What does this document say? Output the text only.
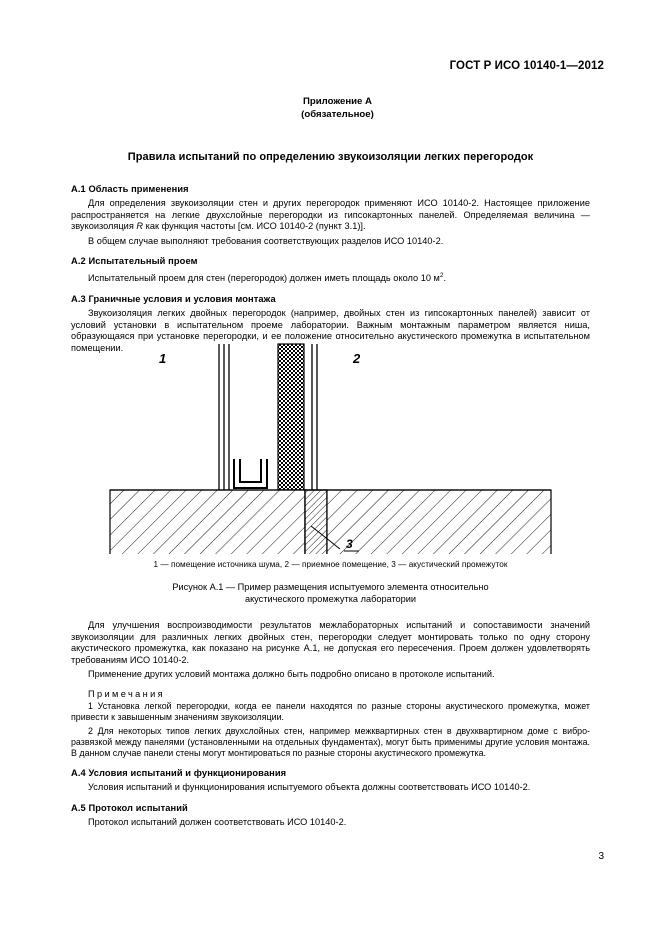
ГОСТ Р ИСО 10140-1—2012
Приложение А
(обязательное)
Правила испытаний по определению звукоизоляции легких перегородок
А.1 Область применения

Для определения звукоизоляции стен и других перегородок применяют ИСО 10140-2. Настоящее приложение распространяется на легкие двухслойные перегородки из гипсокартонных панелей. Определяемая величина — звукоизоляция R как функция частоты [см. ИСО 10140-2 (пункт 3.1)].

В общем случае выполняют требования соответствующих разделов ИСО 10140-2.

А.2 Испытательный проем

Испытательный проем для стен (перегородок) должен иметь площадь около 10 $м^2$.

А.3 Граничные условия и условия монтажа

Звукоизоляция легких двойных перегородок (например, двойных стен из гипсокартонных панелей) зависит от условий установки в испытательном проеме лаборатории. Важным монтажным параметром является ниша, образующаяся при установке перегородки, и ее положение относительно акустического промежутка в испытательном помещении.

1	2
3
1 — помещение источника шума, 2 — приемное помещение, 3 — акустический промежуток
Рисунок А.1 — Пример размещения испытуемого элемента относительно
акустического промежутка лаборатории

Для улучшения воспроизводимости результатов межлабораторных испытаний и сопоставимости значений звукоизоляции для различных легких двойных стен, перегородки следует монтировать только по одну сторону акустического промежутка, как показано на рисунке А.1, не допуская его пересечения. Проем должен удовлетворять требованиям ИСО 10140-2.

Применение других условий монтажа должно быть подробно описано в протоколе испытаний.

Примечания

1 Установка легкой перегородки, когда ее панели находятся по разные стороны акустического промежутка, может привести к завышенным значениям звукоизоляции.

2 Для некоторых типов легких двухслойных стен, например межквартирных стен в двухквартирном доме с виброразвязкой между панелями (установленными на отдельных фундаментах), могут быть применимы другие условия монтажа. В данном случае панели стены могут монтироваться по разные стороны акустического промежутка.

А.4 Условия испытаний и функционирования

Условия испытаний и функционирования испытуемого объекта должны соответствовать ИСО 10140-2.

А.5 Протокол испытаний

Протокол испытаний должен соответствовать ИСО 10140-2.

3
